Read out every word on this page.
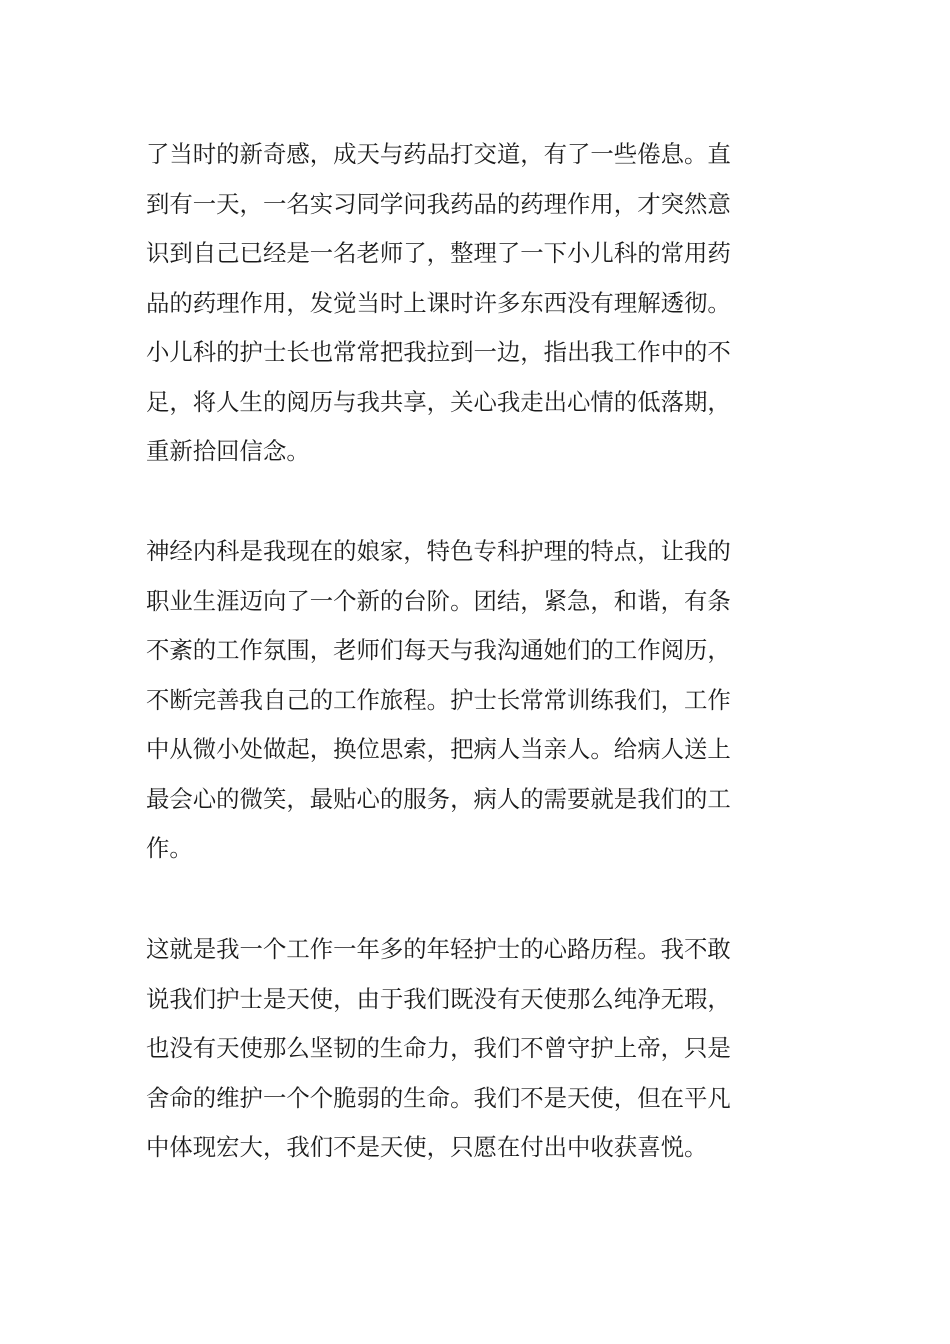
了当时的新奇感，成天与药品打交道，有了一些倦息。直
到有一天，一名实习同学问我药品的药理作用，才突然意
识到自己已经是一名老师了，整理了一下小儿科的常用药
品的药理作用，发觉当时上课时许多东西没有理解透彻。
小儿科的护士长也常常把我拉到一边，指出我工作中的不
足，将人生的阅历与我共享，关心我走出心情的低落期，
重新拾回信念。
神经内科是我现在的娘家，特色专科护理的特点，让我的
职业生涯迈向了一个新的台阶。团结，紧急，和谐，有条
不紊的工作氛围，老师们每天与我沟通她们的工作阅历，
不断完善我自己的工作旅程。护士长常常训练我们，工作
中从微小处做起，换位思索，把病人当亲人。给病人送上
最会心的微笑，最贴心的服务，病人的需要就是我们的工
作。
这就是我一个工作一年多的年轻护士的心路历程。我不敢
说我们护士是天使，由于我们既没有天使那么纯净无瑕，
也没有天使那么坚韧的生命力，我们不曾守护上帝，只是
舍命的维护一个个脆弱的生命。我们不是天使，但在平凡
中体现宏大，我们不是天使，只愿在付出中收获喜悦。
